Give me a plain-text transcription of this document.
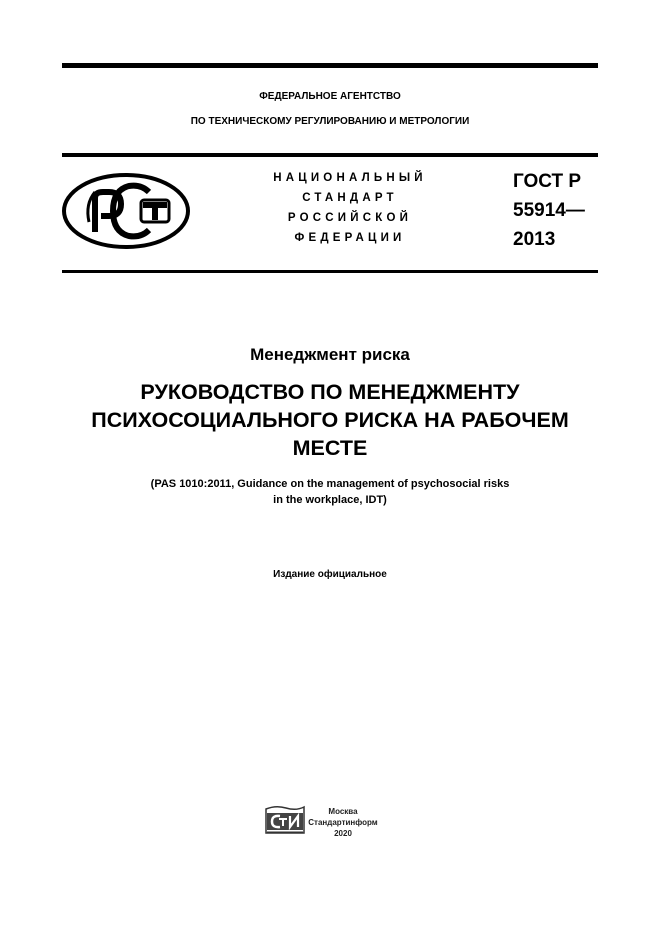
ФЕДЕРАЛЬНОЕ АГЕНТСТВО
ПО ТЕХНИЧЕСКОМУ РЕГУЛИРОВАНИЮ И МЕТРОЛОГИИ
НАЦИОНАЛЬНЫЙ
СТАНДАРТ
РОССИЙСКОЙ
ФЕДЕРАЦИИ
ГОСТ Р
55914—
2013
Менеджмент риска
РУКОВОДСТВО ПО МЕНЕДЖМЕНТУ
ПСИХОСОЦИАЛЬНОГО РИСКА НА РАБОЧЕМ
МЕСТЕ
(PAS 1010:2011, Guidance on the management of psychosocial risks
in the workplace, IDT)
Издание официальное
Москва
Стандартинформ
2020
